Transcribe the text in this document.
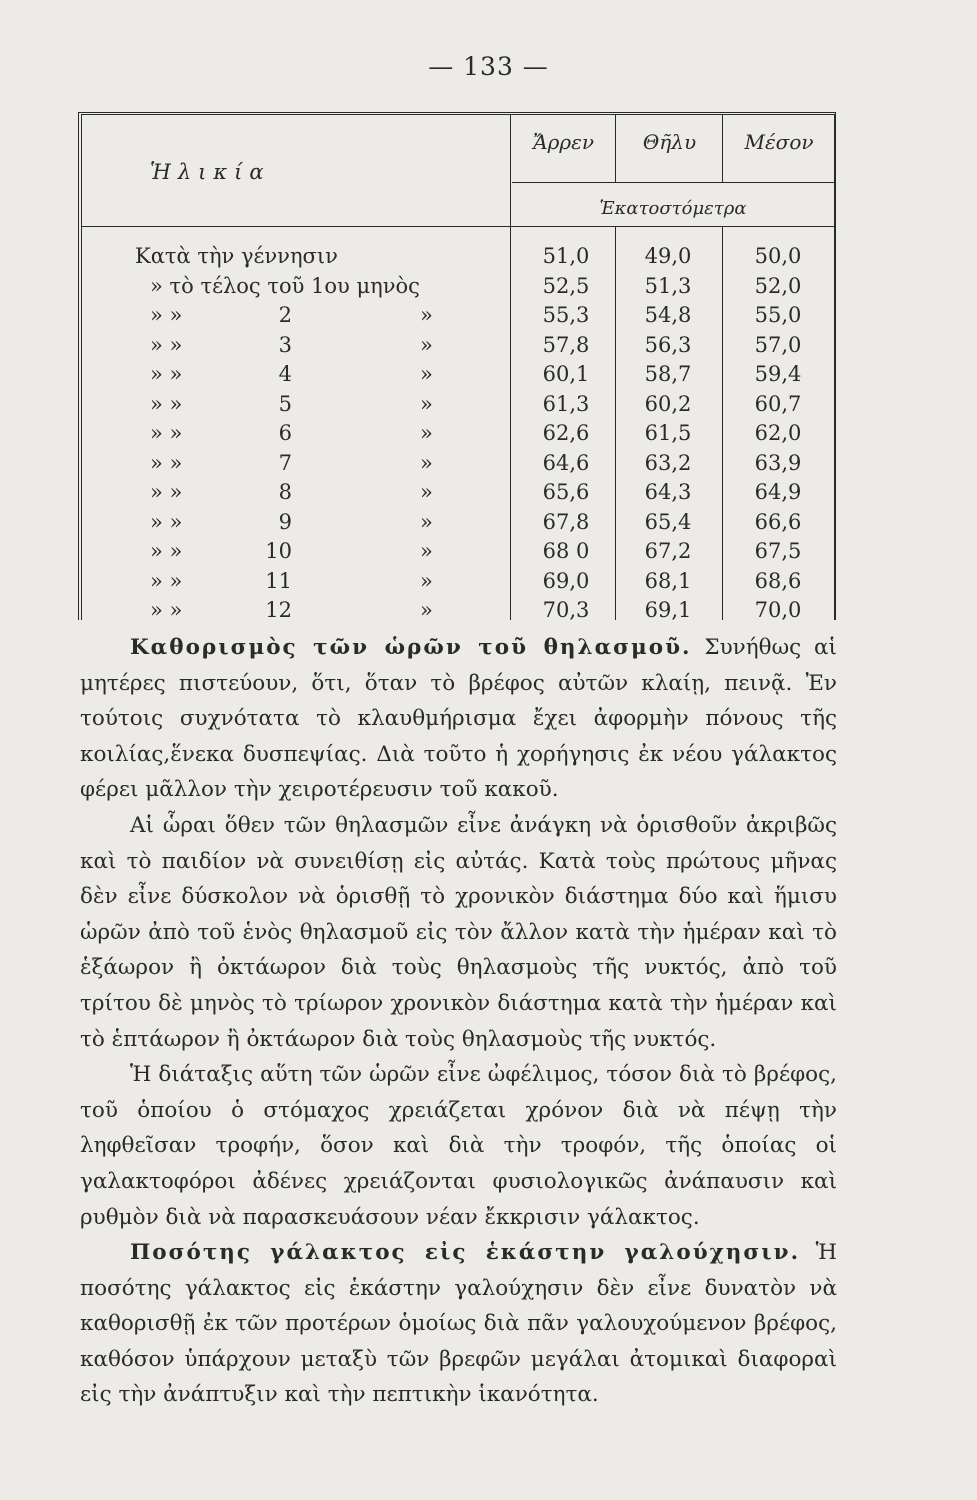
— 133 —
Ἡλικία
Ἄρρεν	Θῆλυ	Μέσον
Ἑκατοστόμετρα
Κατὰ τὴν γέννησιν	51,0	49,0	50,0
» τὸ τέλος τοῦ 1ου μηνὸς	52,5	51,3	52,0
» »	2	»	55,3	54,8	55,0
» »	3	»	57,8	56,3	57,0
» »	4	»	60,1	58,7	59,4
» »	5	»	61,3	60,2	60,7
» »	6	»	62,6	61,5	62,0
» »	7	»	64,6	63,2	63,9
» »	8	»	65,6	64,3	64,9
» »	9	»	67,8	65,4	66,6
» »	10	»	68 0	67,2	67,5
» »	11	»	69,0	68,1	68,6
» »	12	»	70,3	69,1	70,0

Καθορισμὸς τῶν ὡρῶν τοῦ θηλασμοῦ. Συνήθως αἱ μητέρες πιστεύουν, ὅτι, ὅταν τὸ βρέφος αὐτῶν κλαίῃ, πεινᾷ. Ἐν τούτοις συχνότατα τὸ κλαυθμήρισμα ἔχει ἀφορμὴν πόνους τῆς κοιλίας,ἕνεκα δυσπεψίας. Διὰ τοῦτο ἡ χορήγησις ἐκ νέου γάλακτος φέρει μᾶλλον τὴν χειροτέρευσιν τοῦ κακοῦ.

Αἱ ὧραι ὅθεν τῶν θηλασμῶν εἶνε ἀνάγκη νὰ ὁρισθοῦν ἀκριβῶς καὶ τὸ παιδίον νὰ συνειθίσῃ εἰς αὐτάς. Κατὰ τοὺς πρώτους μῆνας δὲν εἶνε δύσκολον νὰ ὁρισθῇ τὸ χρονικὸν διάστημα δύο καὶ ἥμισυ ὡρῶν ἀπὸ τοῦ ἑνὸς θηλασμοῦ εἰς τὸν ἄλλον κατὰ τὴν ἡμέραν καὶ τὸ ἑξάωρον ἢ ὀκτάωρον διὰ τοὺς θηλασμοὺς τῆς νυκτός, ἀπὸ τοῦ τρίτου δὲ μηνὸς τὸ τρίωρον χρονικὸν διάστημα κατὰ τὴν ἡμέραν καὶ τὸ ἑπτάωρον ἢ ὀκτάωρον διὰ τοὺς θηλασμοὺς τῆς νυκτός.

Ἡ διάταξις αὕτη τῶν ὡρῶν εἶνε ὠφέλιμος, τόσον διὰ τὸ βρέφος, τοῦ ὁποίου ὁ στόμαχος χρειάζεται χρόνον διὰ νὰ πέψῃ τὴν ληφθεῖσαν τροφήν, ὅσον καὶ διὰ τὴν τροφόν, τῆς ὁποίας οἱ γαλακτοφόροι ἀδένες χρειάζονται φυσιολογικῶς ἀνάπαυσιν καὶ ρυθμὸν διὰ νὰ παρασκευάσουν νέαν ἔκκρισιν γάλακτος.

Ποσότης γάλακτος εἰς ἑκάστην γαλούχησιν. Ἡ ποσότης γάλακτος εἰς ἑκάστην γαλούχησιν δὲν εἶνε δυνατὸν νὰ καθορισθῇ ἐκ τῶν προτέρων ὁμοίως διὰ πᾶν γαλουχούμενον βρέφος, καθόσον ὑπάρχουν μεταξὺ τῶν βρεφῶν μεγάλαι ἀτομικαὶ διαφοραὶ εἰς τὴν ἀνάπτυξιν καὶ τὴν πεπτικὴν ἱκανότητα.
